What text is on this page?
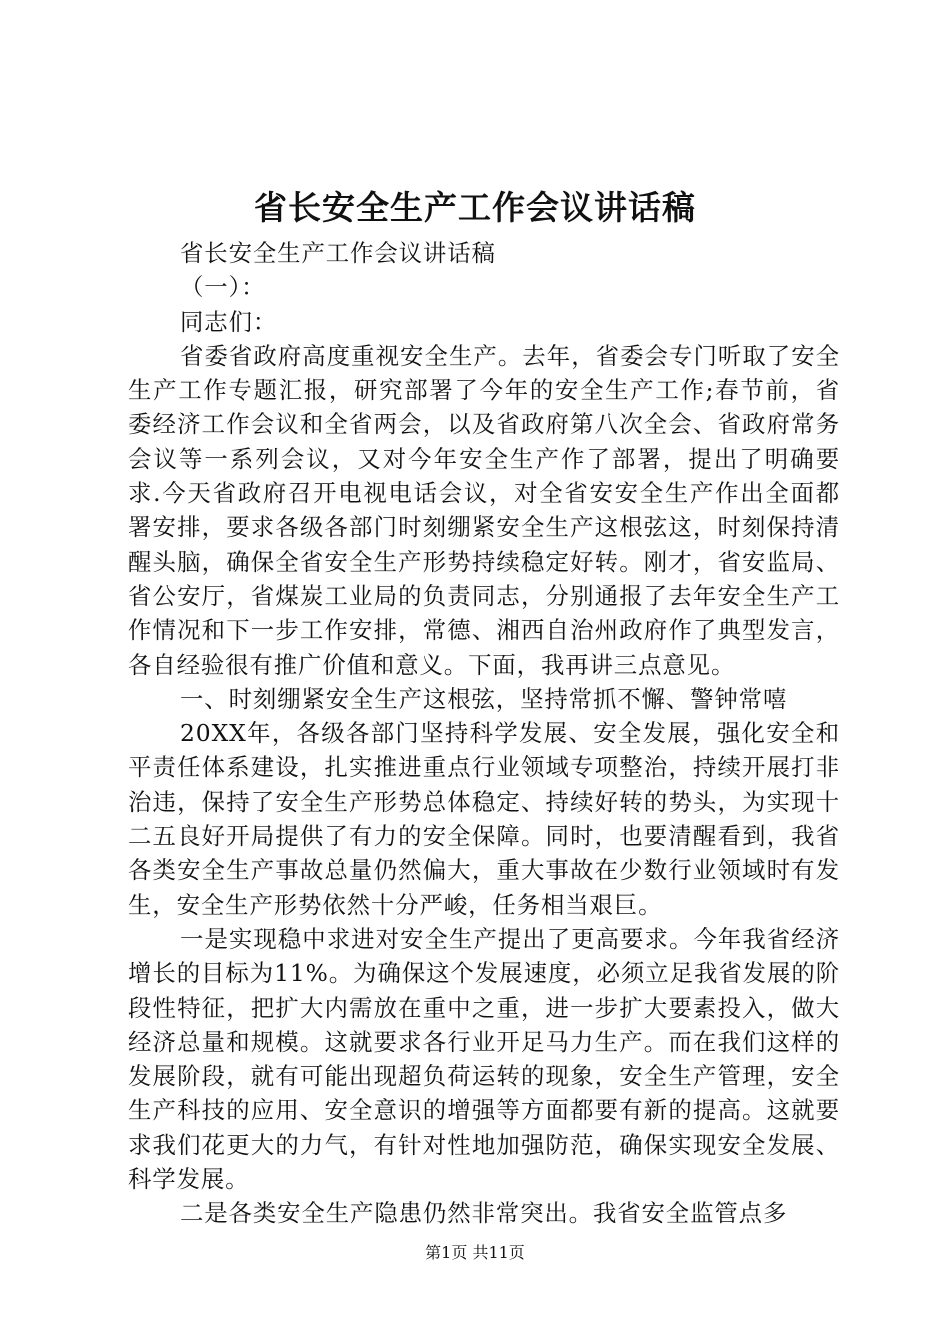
省长安全生产工作会议讲话稿

省长安全生产工作会议讲话稿

（一）：

同志们：

省委省政府高度重视安全生产。去年，省委会专门听取了安全生产工作专题汇报，研究部署了今年的安全生产工作;春节前，省委经济工作会议和全省两会，以及省政府第八次全会、省政府常务会议等一系列会议，又对今年安全生产作了部署，提出了明确要求.今天省政府召开电视电话会议，对全省安安全生产作出全面都署安排，要求各级各部门时刻绷紧安全生产这根弦这，时刻保持清醒头脑，确保全省安全生产形势持续稳定好转。刚才，省安监局、省公安厅，省煤炭工业局的负责同志，分别通报了去年安全生产工作情况和下一步工作安排，常德、湘西自治州政府作了典型发言，各自经验很有推广价值和意义。下面，我再讲三点意见。

一、时刻绷紧安全生产这根弦，坚持常抓不懈、警钟常嘻

20XX年，各级各部门坚持科学发展、安全发展，强化安全和平责任体系建设，扎实推进重点行业领域专项整治，持续开展打非治违，保持了安全生产形势总体稳定、持续好转的势头，为实现十二五良好开局提供了有力的安全保障。同时，也要清醒看到，我省各类安全生产事故总量仍然偏大，重大事故在少数行业领域时有发生，安全生产形势依然十分严峻，任务相当艰巨。

一是实现稳中求进对安全生产提出了更高要求。今年我省经济增长的目标为11%。为确保这个发展速度，必须立足我省发展的阶段性特征，把扩大内需放在重中之重，进一步扩大要素投入，做大经济总量和规模。这就要求各行业开足马力生产。而在我们这样的发展阶段，就有可能出现超负荷运转的现象，安全生产管理，安全生产科技的应用、安全意识的增强等方面都要有新的提高。这就要求我们花更大的力气，有针对性地加强防范，确保实现安全发展、科学发展。

二是各类安全生产隐患仍然非常突出。我省安全监管点多

第1页 共11页
